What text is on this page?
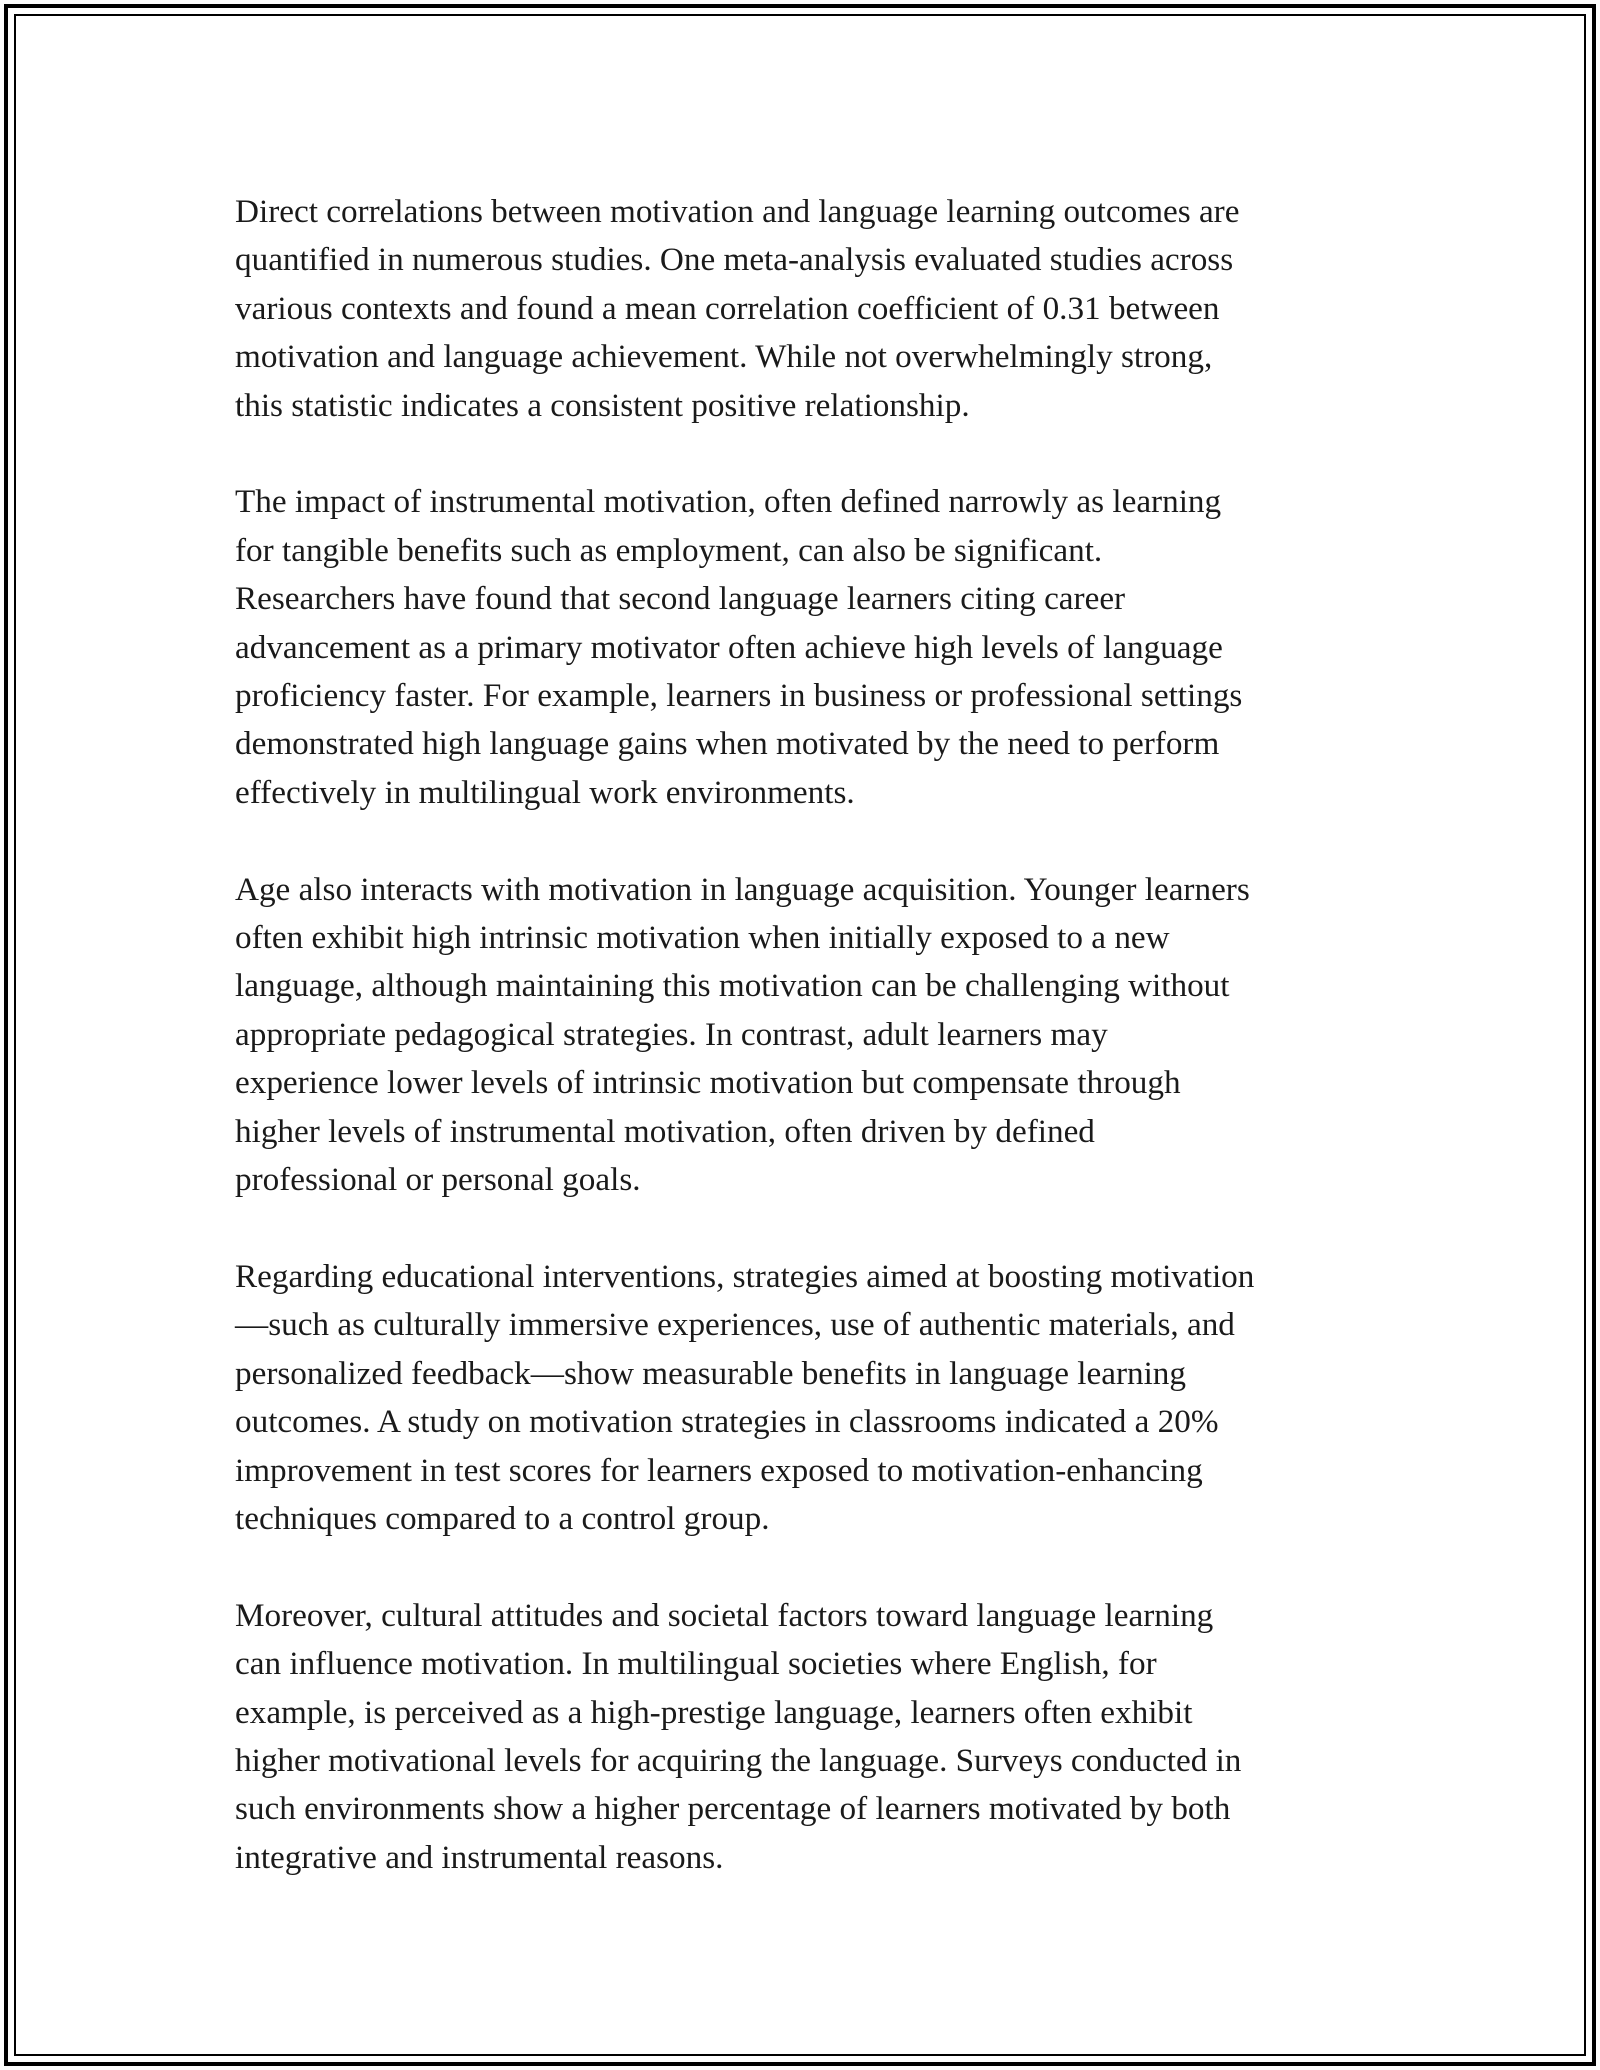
Direct correlations between motivation and language learning outcomes are
quantified in numerous studies. One meta-analysis evaluated studies across
various contexts and found a mean correlation coefficient of 0.31 between
motivation and language achievement. While not overwhelmingly strong,
this statistic indicates a consistent positive relationship.

The impact of instrumental motivation, often defined narrowly as learning
for tangible benefits such as employment, can also be significant.
Researchers have found that second language learners citing career
advancement as a primary motivator often achieve high levels of language
proficiency faster. For example, learners in business or professional settings
demonstrated high language gains when motivated by the need to perform
effectively in multilingual work environments.

Age also interacts with motivation in language acquisition. Younger learners
often exhibit high intrinsic motivation when initially exposed to a new
language, although maintaining this motivation can be challenging without
appropriate pedagogical strategies. In contrast, adult learners may
experience lower levels of intrinsic motivation but compensate through
higher levels of instrumental motivation, often driven by defined
professional or personal goals.

Regarding educational interventions, strategies aimed at boosting motivation
—such as culturally immersive experiences, use of authentic materials, and
personalized feedback—show measurable benefits in language learning
outcomes. A study on motivation strategies in classrooms indicated a 20%
improvement in test scores for learners exposed to motivation-enhancing
techniques compared to a control group.

Moreover, cultural attitudes and societal factors toward language learning
can influence motivation. In multilingual societies where English, for
example, is perceived as a high-prestige language, learners often exhibit
higher motivational levels for acquiring the language. Surveys conducted in
such environments show a higher percentage of learners motivated by both
integrative and instrumental reasons.
